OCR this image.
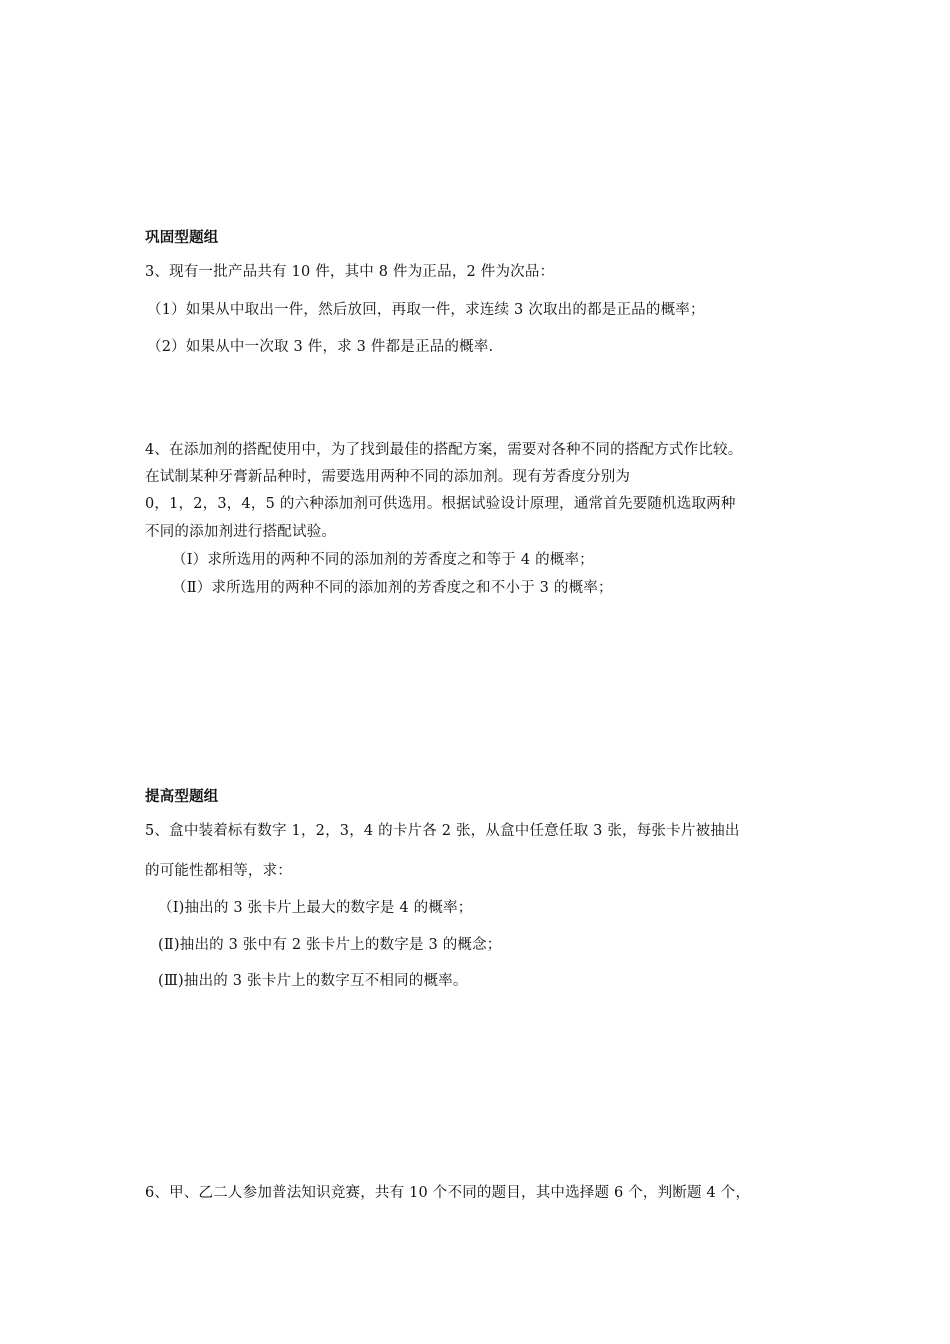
巩固型题组
3、现有一批产品共有 10 件，其中 8 件为正品，2 件为次品：
（1）如果从中取出一件，然后放回，再取一件，求连续 3 次取出的都是正品的概率；
（2）如果从中一次取 3 件，求 3 件都是正品的概率.
4、在添加剂的搭配使用中，为了找到最佳的搭配方案，需要对各种不同的搭配方式作比较。
在试制某种牙膏新品种时，需要选用两种不同的添加剂。现有芳香度分别为
0，1，2，3，4，5 的六种添加剂可供选用。根据试验设计原理，通常首先要随机选取两种
不同的添加剂进行搭配试验。
（Ⅰ）求所选用的两种不同的添加剂的芳香度之和等于 4 的概率；
（Ⅱ）求所选用的两种不同的添加剂的芳香度之和不小于 3 的概率；
提高型题组
5、盒中装着标有数字 1，2，3，4 的卡片各 2 张，从盒中任意任取 3 张，每张卡片被抽出
的可能性都相等，求：
（Ⅰ)抽出的 3 张卡片上最大的数字是 4 的概率；
(Ⅱ)抽出的 3 张中有 2 张卡片上的数字是 3 的概念；
(Ⅲ)抽出的 3 张卡片上的数字互不相同的概率。
6、甲、乙二人参加普法知识竞赛，共有 10 个不同的题目，其中选择题 6 个，判断题 4 个，
